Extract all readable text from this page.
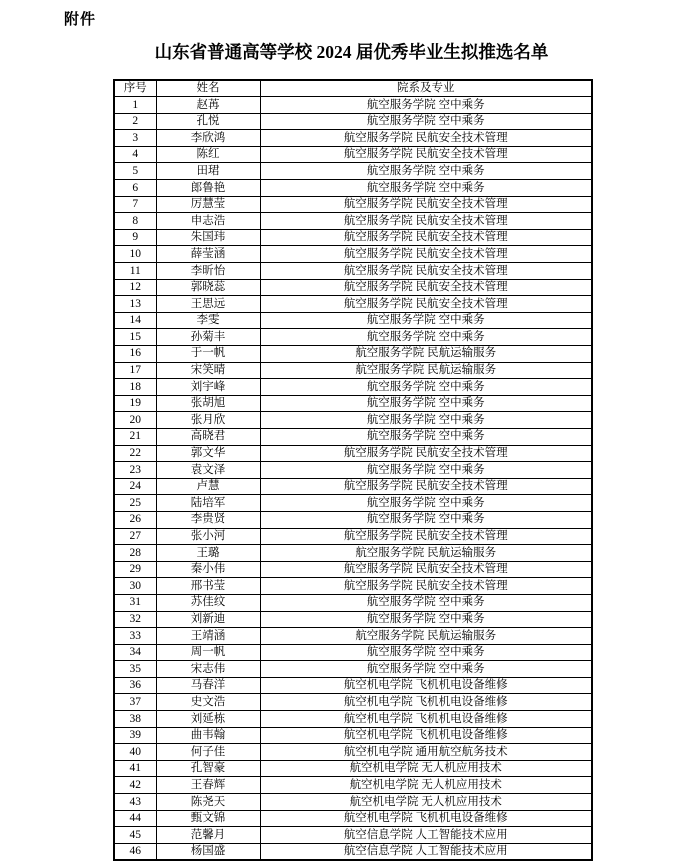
附件
山东省普通高等学校 2024 届优秀毕业生拟推选名单
序号	姓名	院系及专业
1	赵苒	航空服务学院 空中乘务
2	孔悦	航空服务学院 空中乘务
3	李欣鸿	航空服务学院 民航安全技术管理
4	陈红	航空服务学院 民航安全技术管理
5	田珺	航空服务学院 空中乘务
6	郎鲁艳	航空服务学院 空中乘务
7	厉慧莹	航空服务学院 民航安全技术管理
8	申志浩	航空服务学院 民航安全技术管理
9	朱国玮	航空服务学院 民航安全技术管理
10	薛莹涵	航空服务学院 民航安全技术管理
11	李昕怡	航空服务学院 民航安全技术管理
12	郭晓蕊	航空服务学院 民航安全技术管理
13	王思远	航空服务学院 民航安全技术管理
14	李雯	航空服务学院 空中乘务
15	孙菊丰	航空服务学院 空中乘务
16	于一帆	航空服务学院 民航运输服务
17	宋笑晴	航空服务学院 民航运输服务
18	刘宇峰	航空服务学院 空中乘务
19	张胡旭	航空服务学院 空中乘务
20	张月欣	航空服务学院 空中乘务
21	高晓君	航空服务学院 空中乘务
22	郭文华	航空服务学院 民航安全技术管理
23	袁文泽	航空服务学院 空中乘务
24	卢慧	航空服务学院 民航安全技术管理
25	陆培军	航空服务学院 空中乘务
26	李贵贤	航空服务学院 空中乘务
27	张小河	航空服务学院 民航安全技术管理
28	王璐	航空服务学院 民航运输服务
29	秦小伟	航空服务学院 民航安全技术管理
30	邢书莹	航空服务学院 民航安全技术管理
31	苏佳纹	航空服务学院 空中乘务
32	刘新迪	航空服务学院 空中乘务
33	王靖涵	航空服务学院 民航运输服务
34	周一帆	航空服务学院 空中乘务
35	宋志伟	航空服务学院 空中乘务
36	马春洋	航空机电学院 飞机机电设备维修
37	史文浩	航空机电学院 飞机机电设备维修
38	刘延栋	航空机电学院 飞机机电设备维修
39	曲韦翰	航空机电学院 飞机机电设备维修
40	何子佳	航空机电学院 通用航空航务技术
41	孔智豪	航空机电学院 无人机应用技术
42	王春辉	航空机电学院 无人机应用技术
43	陈尧天	航空机电学院 无人机应用技术
44	甄文锦	航空机电学院 飞机机电设备维修
45	范馨月	航空信息学院 人工智能技术应用
46	杨国盛	航空信息学院 人工智能技术应用
